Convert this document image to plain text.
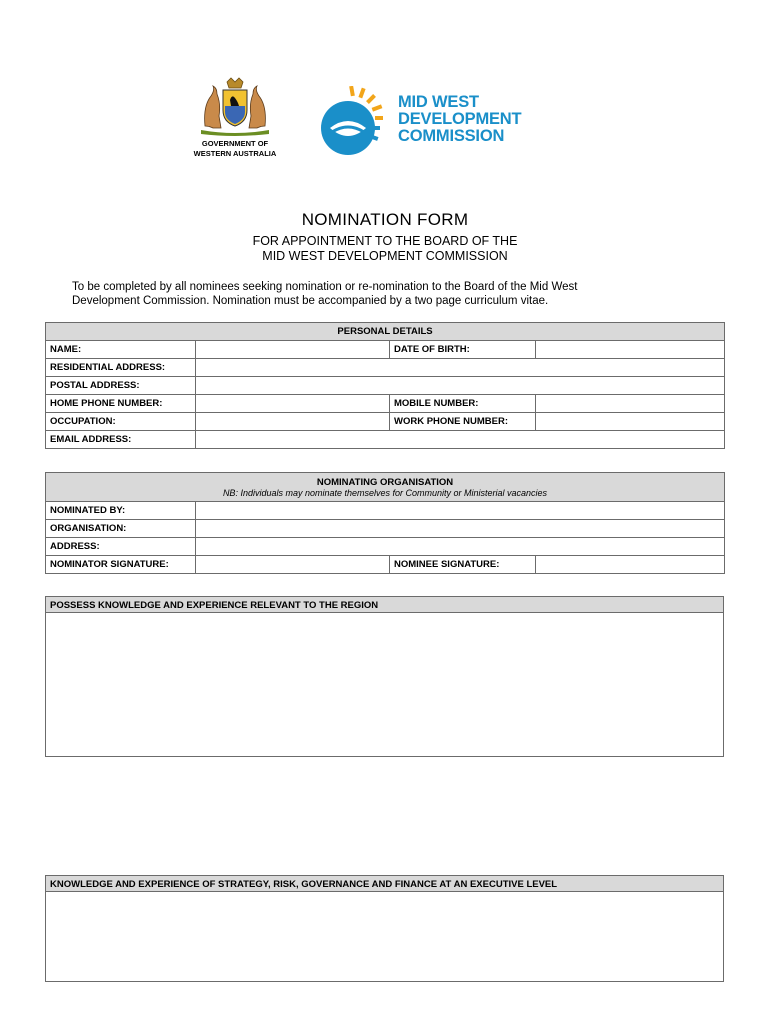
GOVERNMENT OF
WESTERN AUSTRALIA
MID WEST
DEVELOPMENT
COMMISSION
NOMINATION FORM
FOR APPOINTMENT TO THE BOARD OF THE
MID WEST DEVELOPMENT COMMISSION
To be completed by all nominees seeking nomination or re-nomination to the Board of the Mid West
Development Commission. Nomination must be accompanied by a two page curriculum vitae.
PERSONAL DETAILS			
NAME:		DATE OF BIRTH:	
RESIDENTIAL ADDRESS:			
POSTAL ADDRESS:			
HOME PHONE NUMBER:		MOBILE NUMBER:	
OCCUPATION:		WORK PHONE NUMBER:	
EMAIL ADDRESS:			
NOMINATING ORGANISATION
NB: Individuals may nominate themselves for Community or Ministerial vacancies			

NOMINATED BY:			
ORGANISATION:			
ADDRESS:			
NOMINATOR SIGNATURE:		NOMINEE SIGNATURE:	
POSSESS KNOWLEDGE AND EXPERIENCE RELEVANT TO THE REGION
KNOWLEDGE AND EXPERIENCE OF STRATEGY, RISK, GOVERNANCE AND FINANCE AT AN EXECUTIVE LEVEL
